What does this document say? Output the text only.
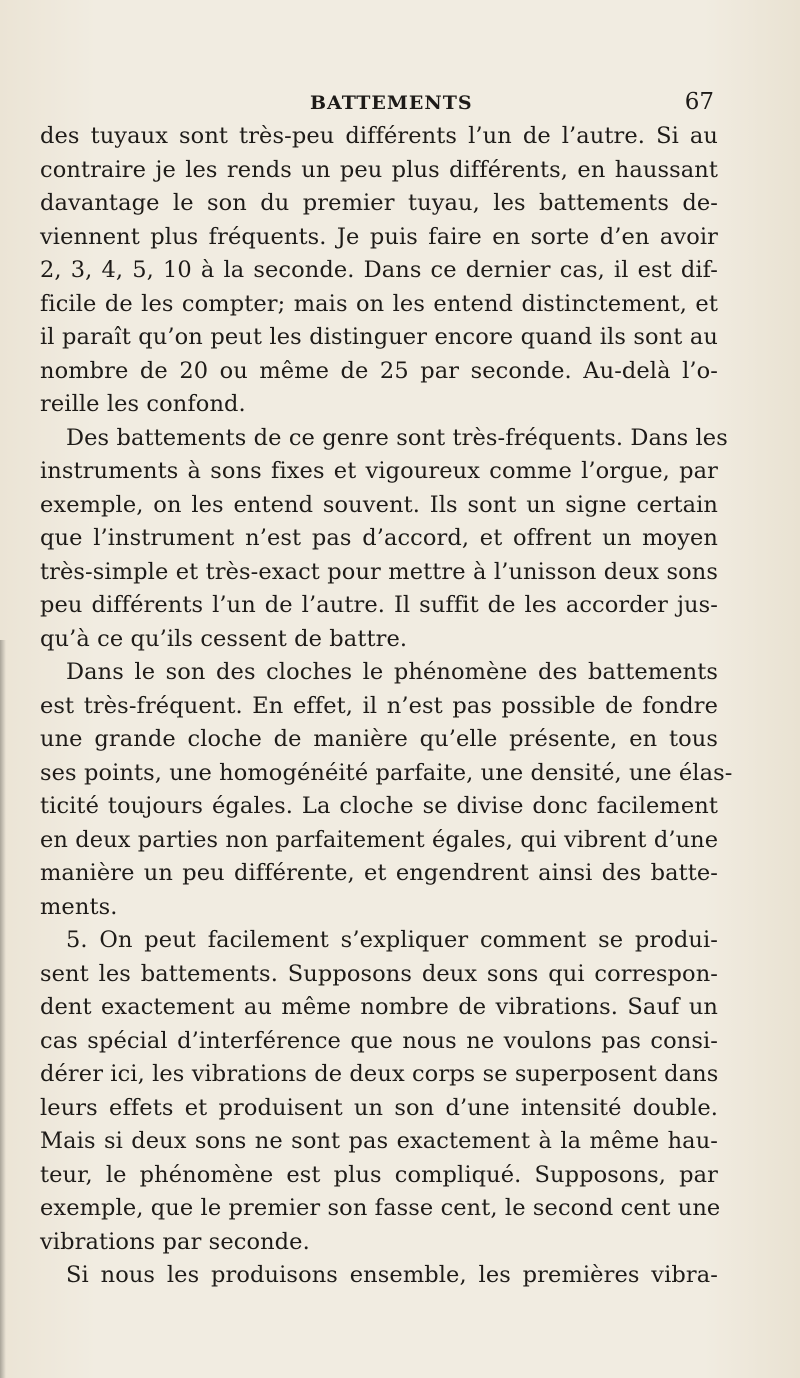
BATTEMENTS	67
des tuyaux sont très-peu différents l’un de l’autre. Si au
contraire je les rends un peu plus différents, en haussant
davantage le son du premier tuyau, les battements de-
viennent plus fréquents. Je puis faire en sorte d’en avoir
2, 3, 4, 5, 10 à la seconde. Dans ce dernier cas, il est dif-
ficile de les compter; mais on les entend distinctement, et
il paraît qu’on peut les distinguer encore quand ils sont au
nombre de 20 ou même de 25 par seconde. Au-delà l’o-
reille les confond.
Des battements de ce genre sont très-fréquents. Dans les
instruments à sons fixes et vigoureux comme l’orgue, par
exemple, on les entend souvent. Ils sont un signe certain
que l’instrument n’est pas d’accord, et offrent un moyen
très-simple et très-exact pour mettre à l’unisson deux sons
peu différents l’un de l’autre. Il suffit de les accorder jus-
qu’à ce qu’ils cessent de battre.
Dans le son des cloches le phénomène des battements
est très-fréquent. En effet, il n’est pas possible de fondre
une grande cloche de manière qu’elle présente, en tous
ses points, une homogénéité parfaite, une densité, une élas-
ticité toujours égales. La cloche se divise donc facilement
en deux parties non parfaitement égales, qui vibrent d’une
manière un peu différente, et engendrent ainsi des batte-
ments.
5. On peut facilement s’expliquer comment se produi-
sent les battements. Supposons deux sons qui correspon-
dent exactement au même nombre de vibrations. Sauf un
cas spécial d’interférence que nous ne voulons pas consi-
dérer ici, les vibrations de deux corps se superposent dans
leurs effets et produisent un son d’une intensité double.
Mais si deux sons ne sont pas exactement à la même hau-
teur, le phénomène est plus compliqué. Supposons, par
exemple, que le premier son fasse cent, le second cent une
vibrations par seconde.
Si nous les produisons ensemble, les premières vibra-
